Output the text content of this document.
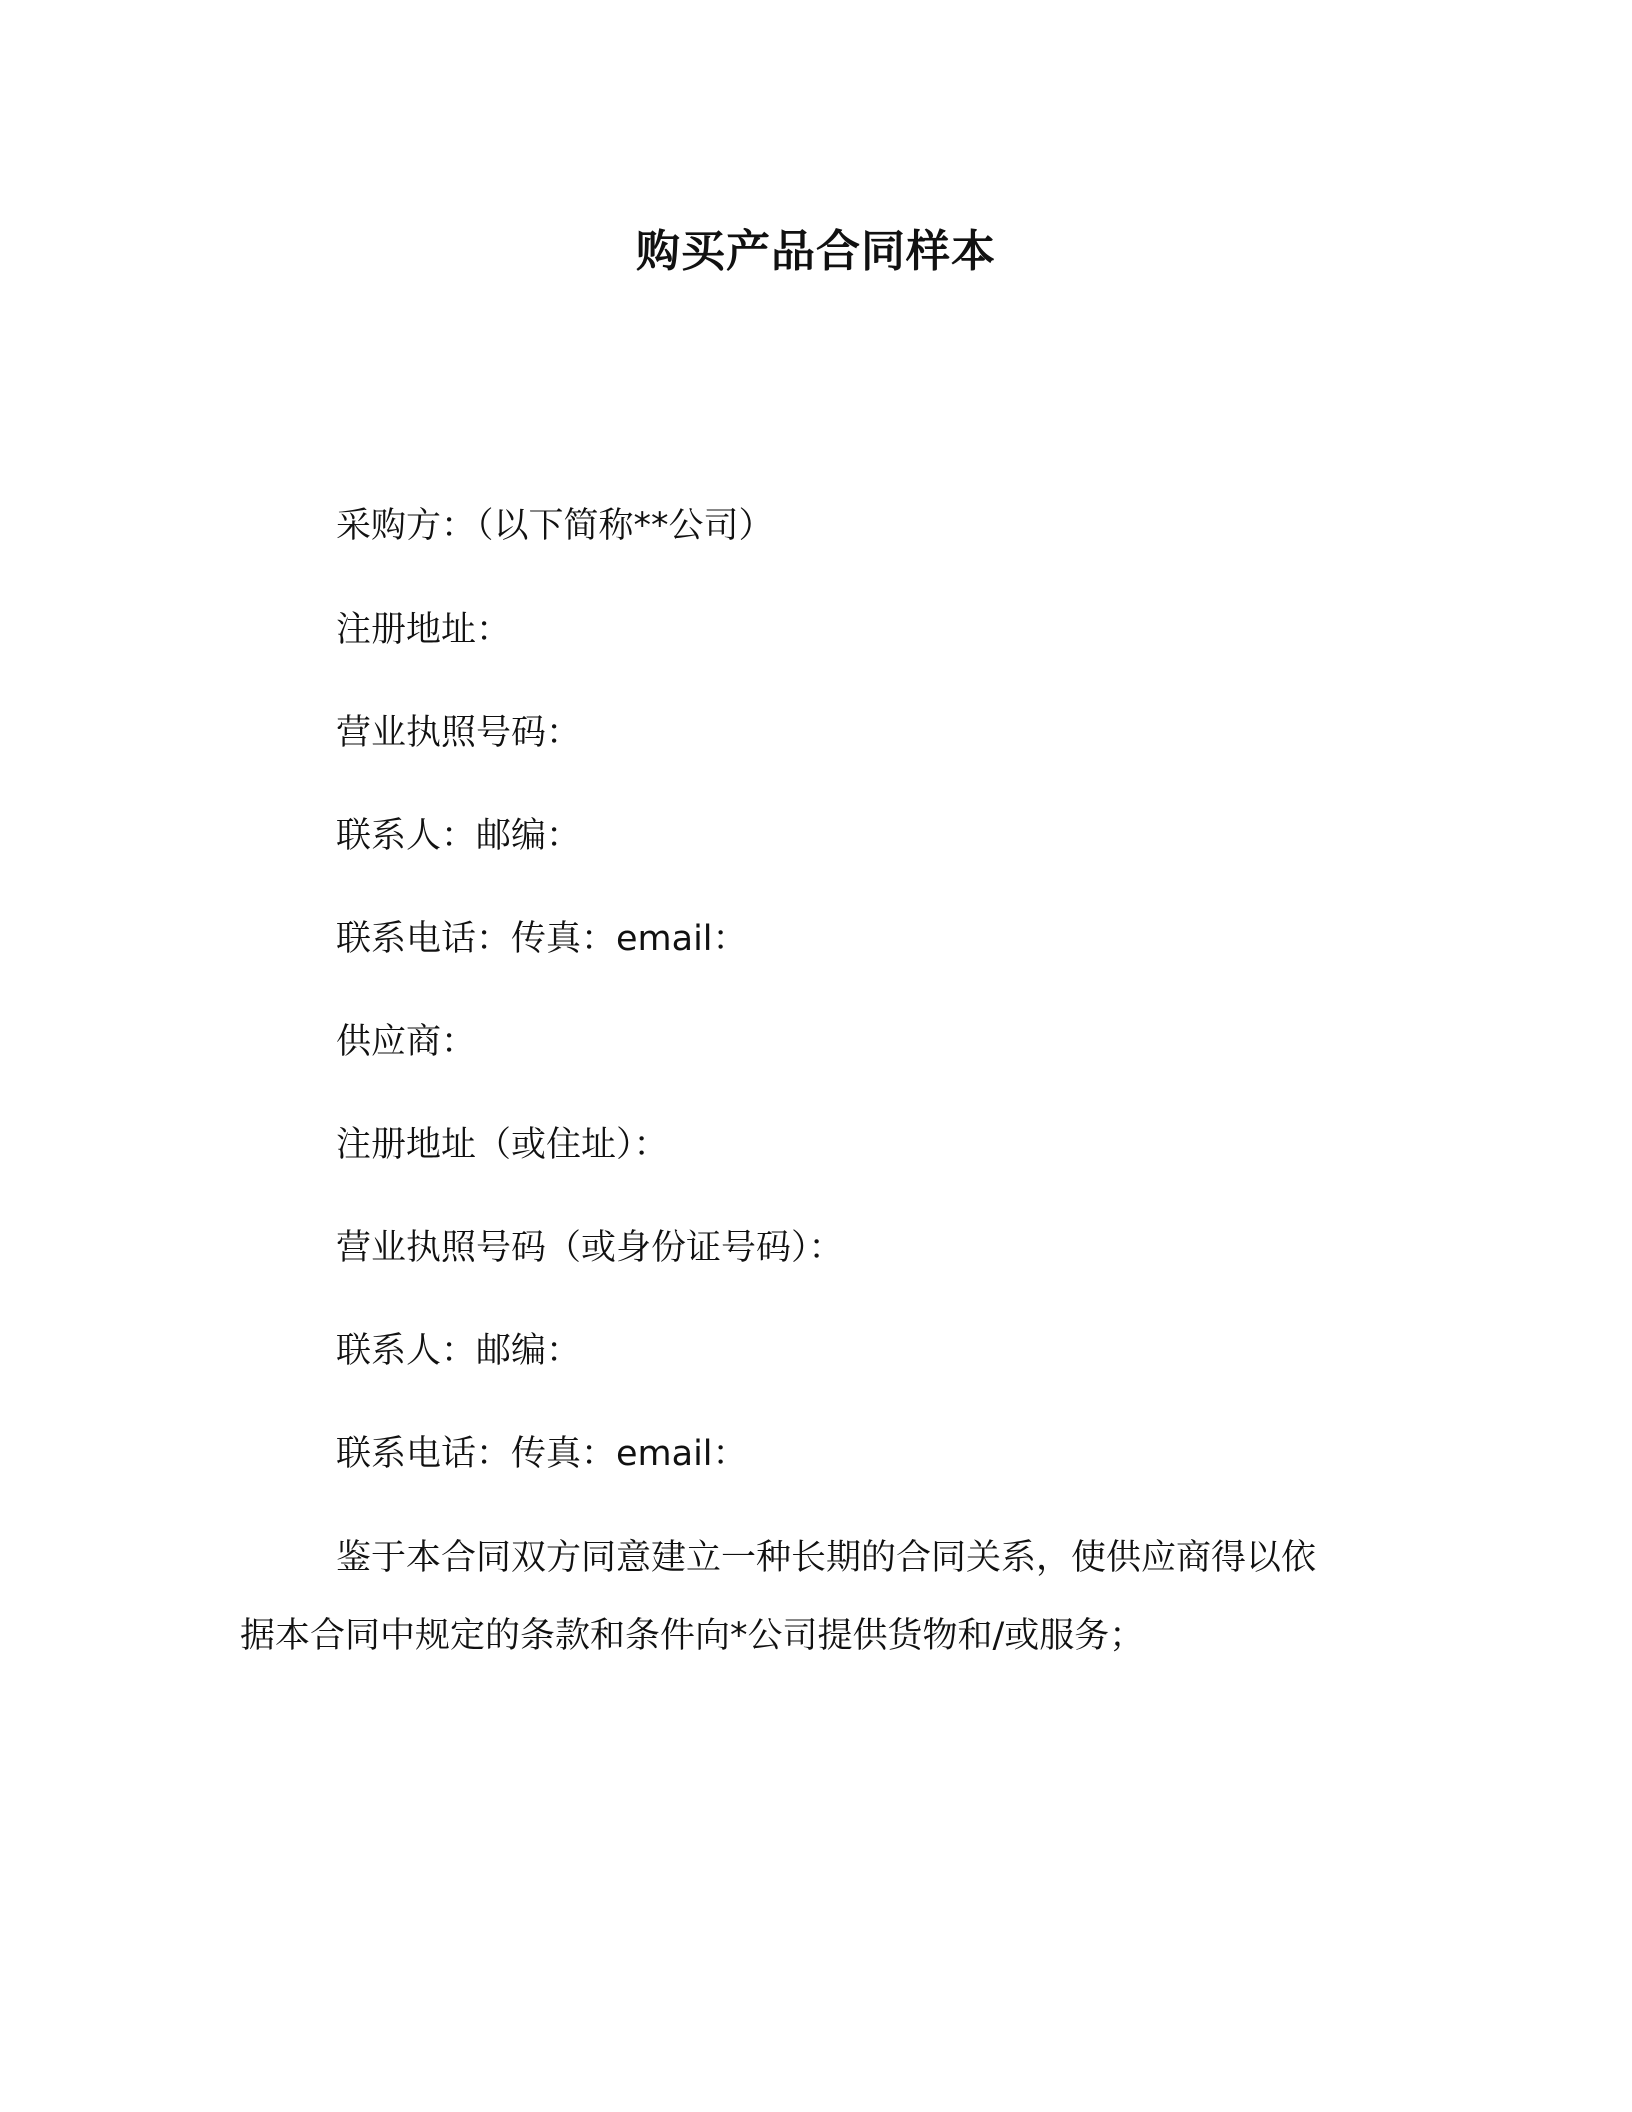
购买产品合同样本
采购方：（以下简称**公司）
注册地址：
营业执照号码：
联系人：邮编：
联系电话：传真：email：
供应商：
注册地址（或住址）：
营业执照号码（或身份证号码）：
联系人：邮编：
联系电话：传真：email：
鉴于本合同双方同意建立一种长期的合同关系，使供应商得以依
据本合同中规定的条款和条件向*公司提供货物和/或服务；
